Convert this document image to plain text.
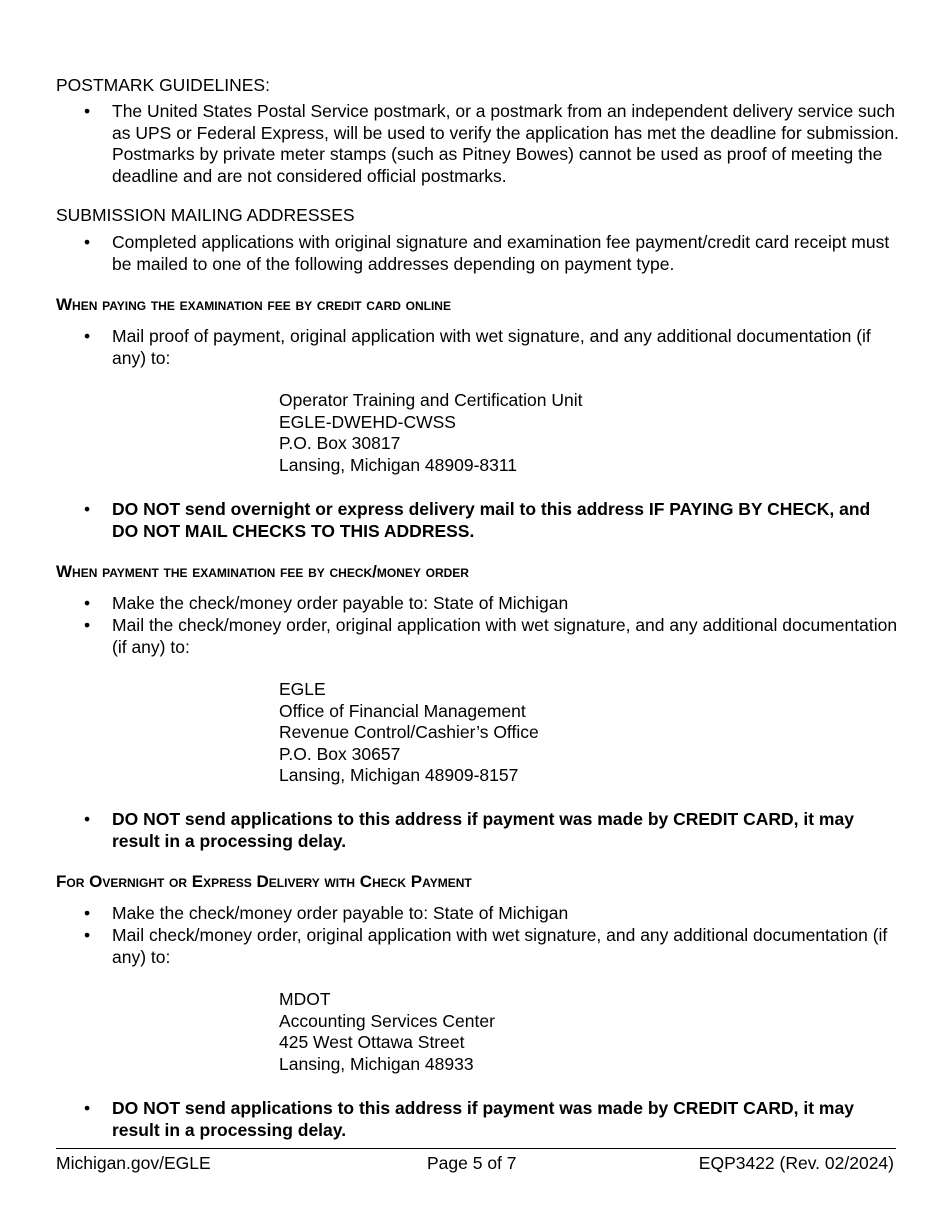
POSTMARK GUIDELINES:
• The United States Postal Service postmark, or a postmark from an independent delivery service such as UPS or Federal Express, will be used to verify the application has met the deadline for submission. Postmarks by private meter stamps (such as Pitney Bowes) cannot be used as proof of meeting the deadline and are not considered official postmarks.
SUBMISSION MAILING ADDRESSES
• Completed applications with original signature and examination fee payment/credit card receipt must be mailed to one of the following addresses depending on payment type.
When paying the examination fee by credit card online
• Mail proof of payment, original application with wet signature, and any additional documentation (if any) to:
Operator Training and Certification Unit
EGLE-DWEHD-CWSS
P.O. Box 30817
Lansing, Michigan 48909-8311
• DO NOT send overnight or express delivery mail to this address IF PAYING BY CHECK, and DO NOT MAIL CHECKS TO THIS ADDRESS.
When payment the examination fee by check/money order
• Make the check/money order payable to: State of Michigan
• Mail the check/money order, original application with wet signature, and any additional documentation (if any) to:
EGLE
Office of Financial Management
Revenue Control/Cashier’s Office
P.O. Box 30657
Lansing, Michigan 48909-8157
• DO NOT send applications to this address if payment was made by CREDIT CARD, it may result in a processing delay.
For Overnight or Express Delivery with Check Payment
• Make the check/money order payable to: State of Michigan
• Mail check/money order, original application with wet signature, and any additional documentation (if any) to:
MDOT
Accounting Services Center
425 West Ottawa Street
Lansing, Michigan 48933
• DO NOT send applications to this address if payment was made by CREDIT CARD, it may result in a processing delay.
Michigan.gov/EGLE	Page 5 of 7	EQP3422 (Rev. 02/2024)
